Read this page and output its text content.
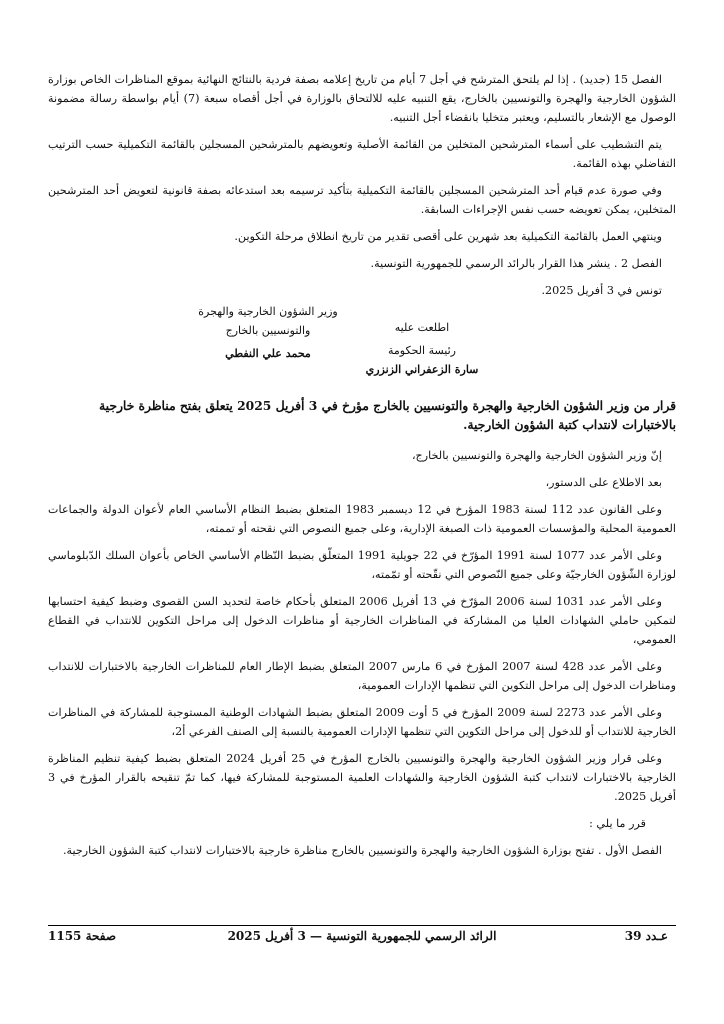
الفصل 15 (جديد) . إذا لم يلتحق المترشح في أجل 7 أيام من تاريخ إعلامه بصفة فردية بالنتائج النهائية بموقع المناظرات الخاص بوزارة الشؤون الخارجية والهجرة والتونسيين بالخارج، يقع التنبيه عليه للالتحاق بالوزارة في أجل أقصاه سبعة (7) أيام بواسطة رسالة مضمونة الوصول مع الإشعار بالتسليم، ويعتبر متخليا بانقضاء أجل التنبيه.

يتم التشطيب على أسماء المترشحين المتخلين من القائمة الأصلية وتعويضهم بالمترشحين المسجلين بالقائمة التكميلية حسب الترتيب التفاضلي بهذه القائمة.

وفي صورة عدم قيام أحد المترشحين المسجلين بالقائمة التكميلية بتأكيد ترسيمه بعد استدعائه بصفة قانونية لتعويض أحد المترشحين المتخلين، يمكن تعويضه حسب نفس الإجراءات السابقة.

وينتهي العمل بالقائمة التكميلية بعد شهرين على أقصى تقدير من تاريخ انطلاق مرحلة التكوين.

الفصل 2 . ينشر هذا القرار بالرائد الرسمي للجمهورية التونسية.

تونس في 3 أفريل 2025.

وزير الشؤون الخارجية والهجرة
والتونسيين بالخارج
محمد علي النفطي
اطلعت عليه
رئيسة الحكومة
سارة الزعفراني الزنزري
قرار من وزير الشؤون الخارجية والهجرة والتونسيين بالخارج مؤرخ في 3 أفريل 2025 يتعلق بفتح مناظرة خارجية بالاختبارات لانتداب كتبة الشؤون الخارجية.

إنّ وزير الشؤون الخارجية والهجرة والتونسيين بالخارج،

بعد الاطلاع على الدستور،

وعلى القانون عدد 112 لسنة 1983 المؤرخ في 12 ديسمبر 1983 المتعلق بضبط النظام الأساسي العام لأعوان الدولة والجماعات العمومية المحلية والمؤسسات العمومية ذات الصبغة الإدارية، وعلى جميع النصوص التي نقحته أو تممته،

وعلى الأمر عدد 1077 لسنة 1991 المؤرّخ في 22 جويلية 1991 المتعلّق بضبط النّظام الأساسي الخاص بأعوان السلك الدّبلوماسي لوزارة الشّؤون الخارجيّة وعلى جميع النّصوص التي نقّحته أو تمّمته،

وعلى الأمر عدد 1031 لسنة 2006 المؤرّخ في 13 أفريل 2006 المتعلق بأحكام خاصة لتحديد السن القصوى وضبط كيفية احتسابها لتمكين حاملي الشهادات العليا من المشاركة في المناظرات الخارجية أو مناظرات الدخول إلى مراحل التكوين للانتداب في القطاع العمومي،

وعلى الأمر عدد 428 لسنة 2007 المؤرخ في 6 مارس 2007 المتعلق بضبط الإطار العام للمناظرات الخارجية بالاختبارات للانتداب ومناظرات الدخول إلى مراحل التكوين التي تنظمها الإدارات العمومية،

وعلى الأمر عدد 2273 لسنة 2009 المؤرخ في 5 أوت 2009 المتعلق بضبط الشهادات الوطنية المستوجبة للمشاركة في المناظرات الخارجية للانتداب أو للدخول إلى مراحل التكوين التي تنظمها الإدارات العمومية بالنسبة إلى الصنف الفرعي أ2،

وعلى قرار وزير الشؤون الخارجية والهجرة والتونسيين بالخارج المؤرخ في 25 أفريل 2024 المتعلق بضبط كيفية تنظيم المناظرة الخارجية بالاختبارات لانتداب كتبة الشؤون الخارجية والشهادات العلمية المستوجبة للمشاركة فيها، كما تمّ تنقيحه بالقرار المؤرخ في 3 أفريل 2025.

قرر ما يلي :

الفصل الأول . تفتح بوزارة الشؤون الخارجية والهجرة والتونسيين بالخارج مناظرة خارجية بالاختبارات لانتداب كتبة الشؤون الخارجية.

عـدد 39
الرائد الرسمي للجمهورية التونسية — 3 أفريل 2025
صفحة 1155
